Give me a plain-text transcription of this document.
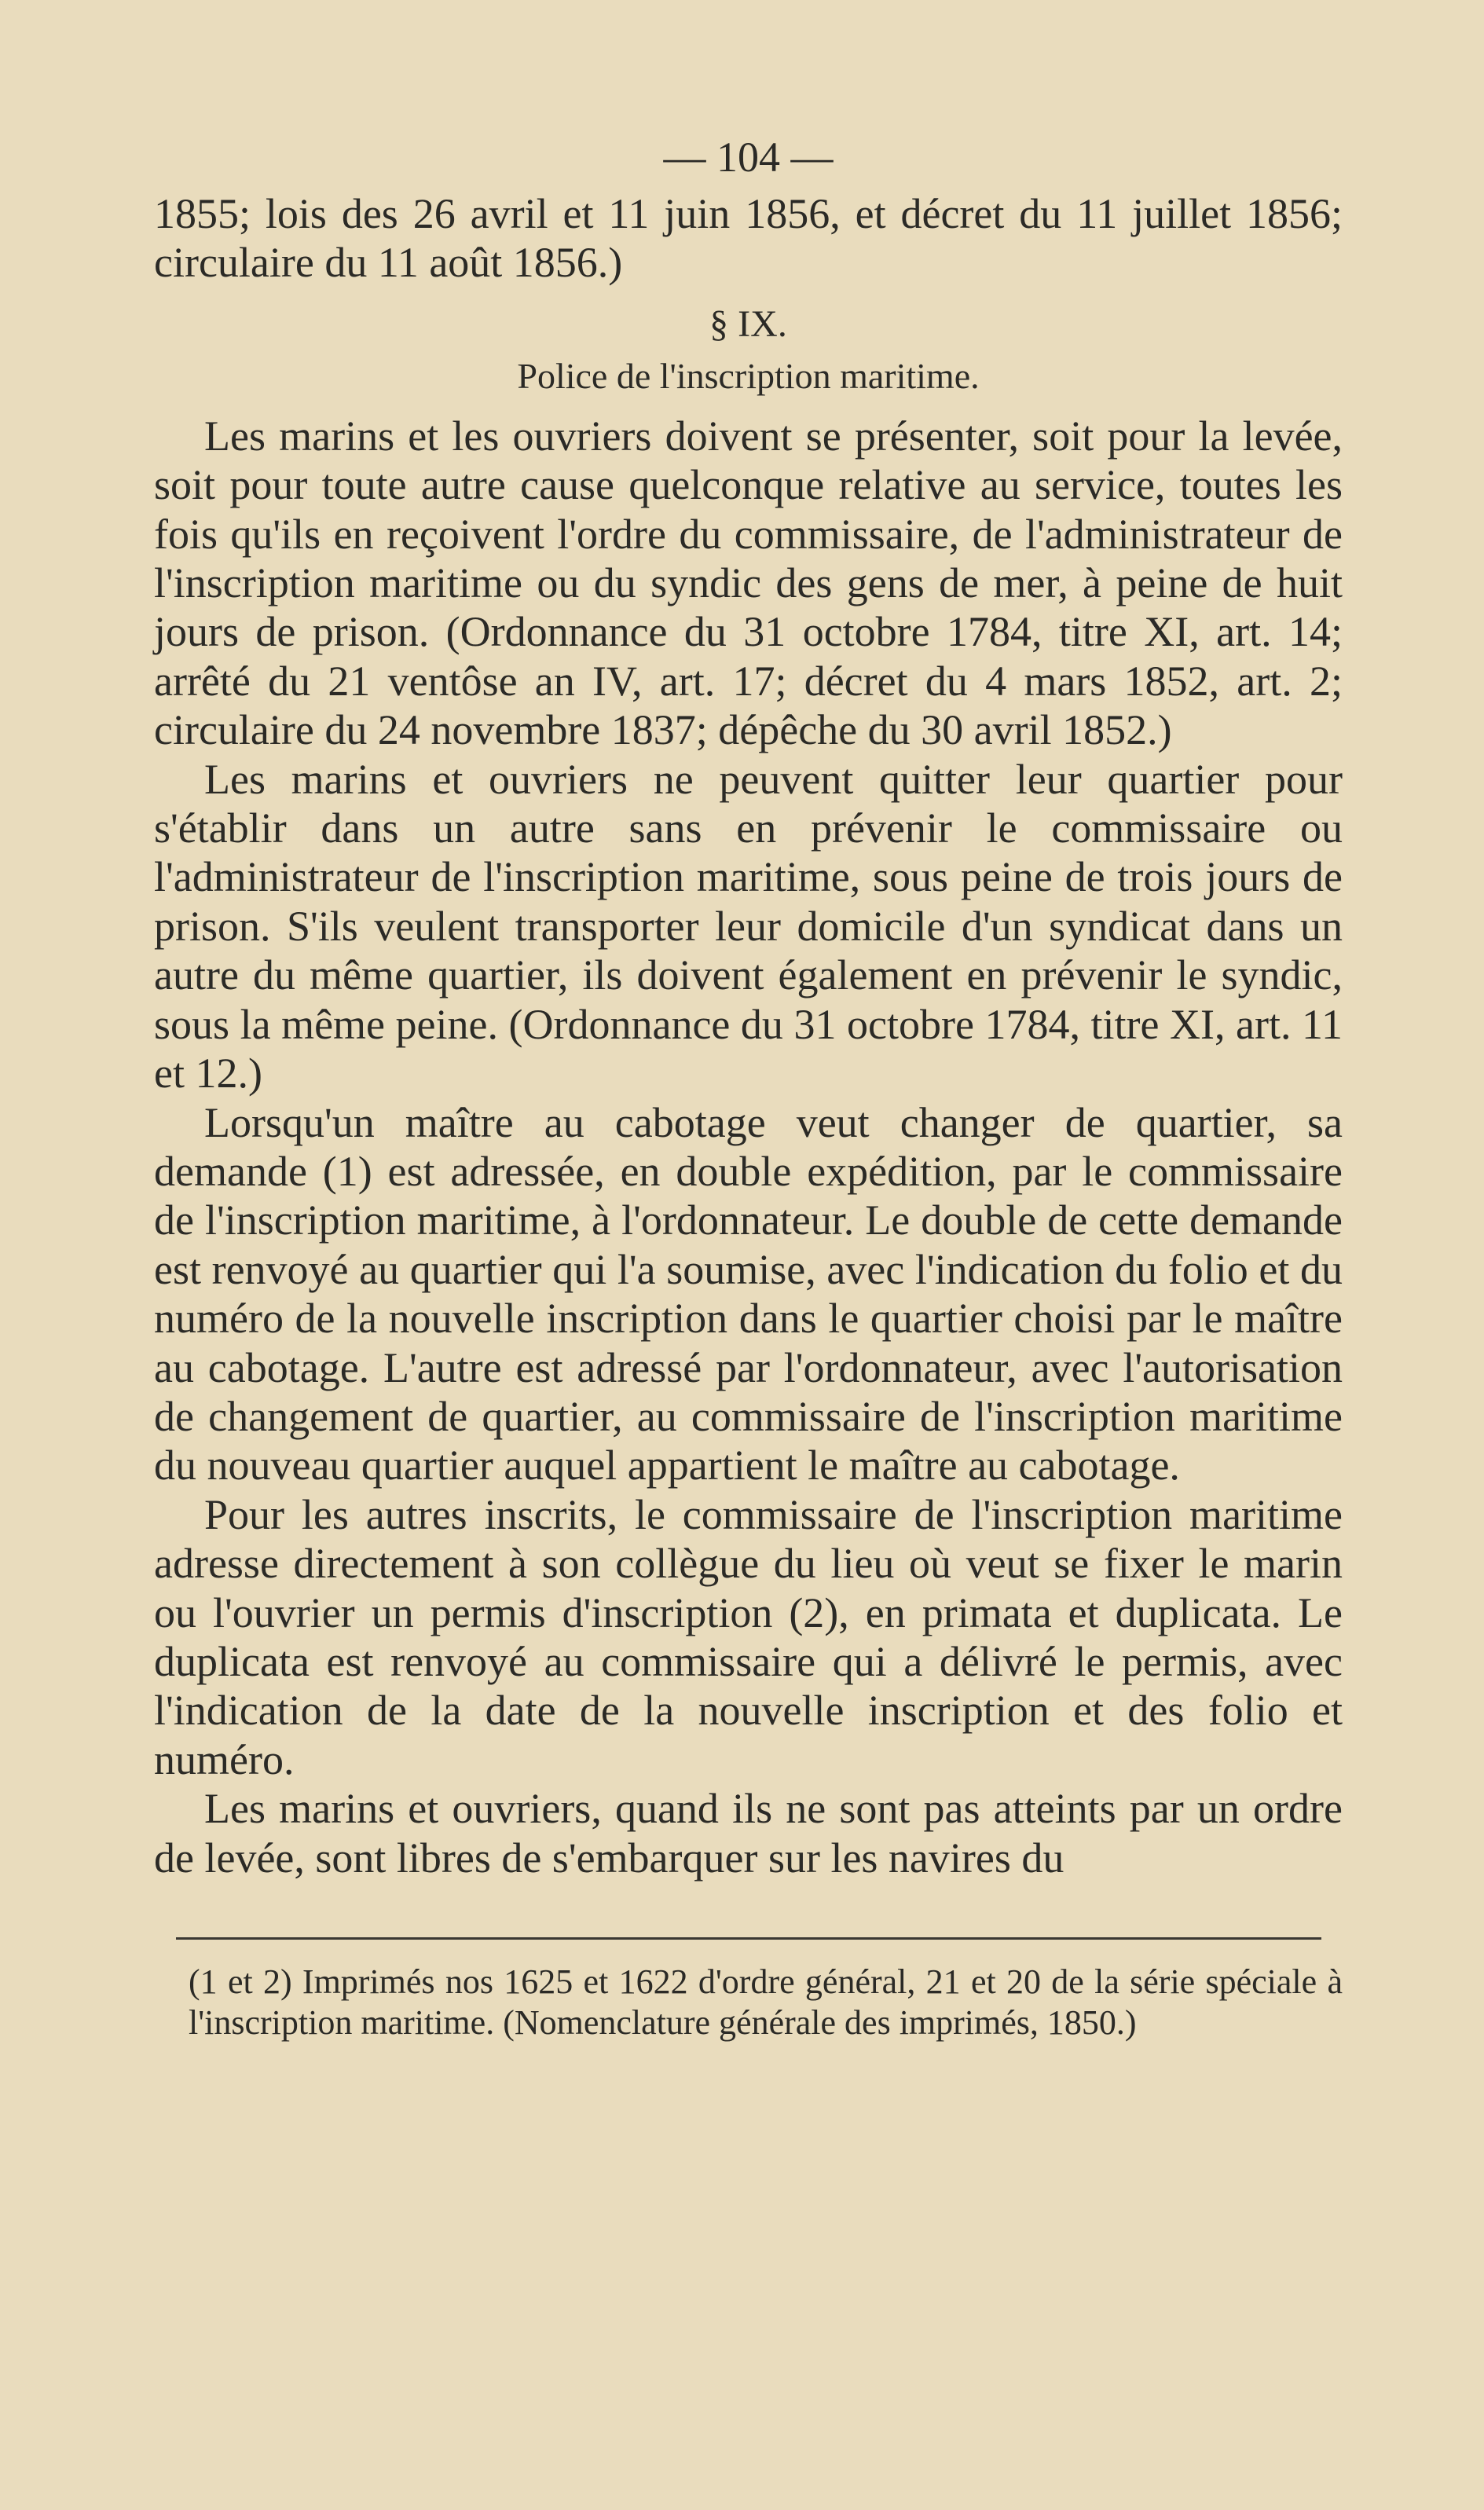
— 104 —

1855; lois des 26 avril et 11 juin 1856, et décret du 11 juillet 1856; circulaire du 11 août 1856.)

§ IX.
Police de l'inscription maritime.

Les marins et les ouvriers doivent se présenter, soit pour la levée, soit pour toute autre cause quelconque relative au service, toutes les fois qu'ils en reçoivent l'ordre du commissaire, de l'administrateur de l'inscription maritime ou du syndic des gens de mer, à peine de huit jours de prison. (Ordonnance du 31 octobre 1784, titre XI, art. 14; arrêté du 21 ventôse an IV, art. 17; décret du 4 mars 1852, art. 2; circulaire du 24 novembre 1837; dépêche du 30 avril 1852.)

Les marins et ouvriers ne peuvent quitter leur quartier pour s'établir dans un autre sans en prévenir le commissaire ou l'administrateur de l'inscription maritime, sous peine de trois jours de prison. S'ils veulent transporter leur domicile d'un syndicat dans un autre du même quartier, ils doivent également en prévenir le syndic, sous la même peine. (Ordonnance du 31 octobre 1784, titre XI, art. 11 et 12.)

Lorsqu'un maître au cabotage veut changer de quartier, sa demande (1) est adressée, en double expédition, par le commissaire de l'inscription maritime, à l'ordonnateur. Le double de cette demande est renvoyé au quartier qui l'a soumise, avec l'indication du folio et du numéro de la nouvelle inscription dans le quartier choisi par le maître au cabotage. L'autre est adressé par l'ordonnateur, avec l'autorisation de changement de quartier, au commissaire de l'inscription maritime du nouveau quartier auquel appartient le maître au cabotage.

Pour les autres inscrits, le commissaire de l'inscription maritime adresse directement à son collègue du lieu où veut se fixer le marin ou l'ouvrier un permis d'inscription (2), en primata et duplicata. Le duplicata est renvoyé au commissaire qui a délivré le permis, avec l'indication de la date de la nouvelle inscription et des folio et numéro.

Les marins et ouvriers, quand ils ne sont pas atteints par un ordre de levée, sont libres de s'embarquer sur les navires du

(1 et 2) Imprimés nos 1625 et 1622 d'ordre général, 21 et 20 de la série spéciale à l'inscription maritime. (Nomenclature générale des imprimés, 1850.)
